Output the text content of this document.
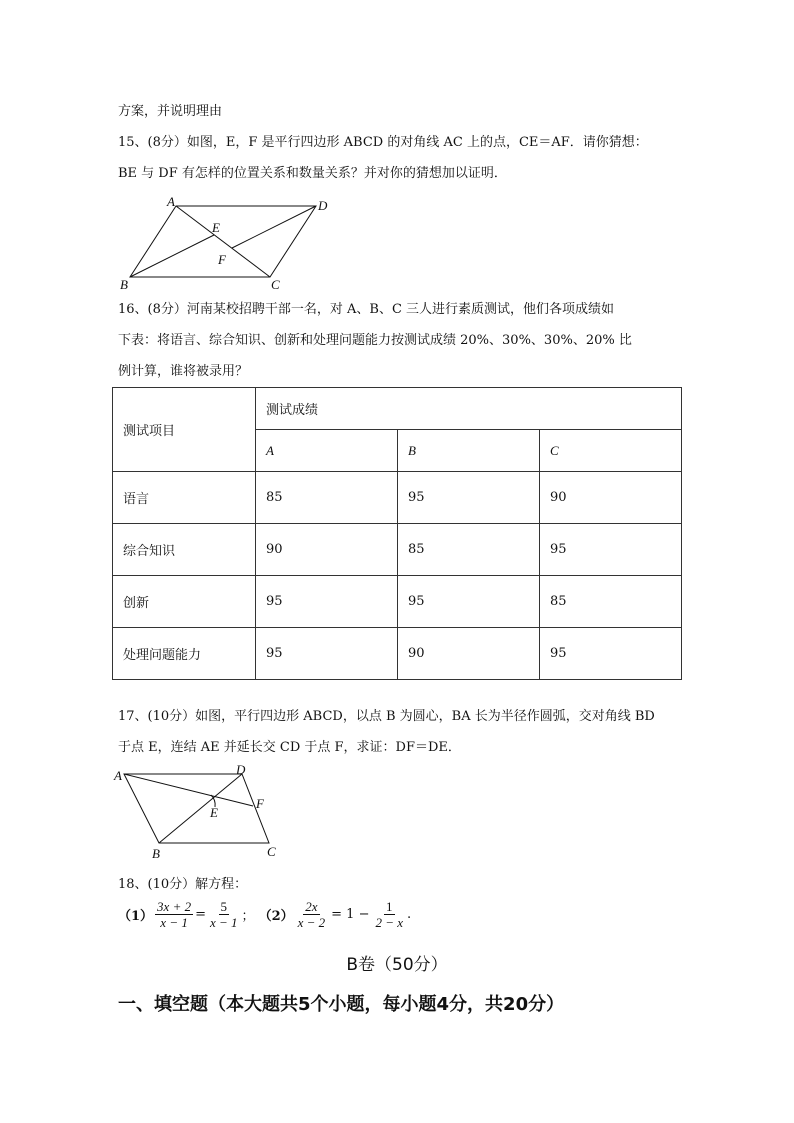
方案，并说明理由
15、(8分）如图，E，F 是平行四边形 ABCD 的对角线 AC 上的点，CE＝AF．请你猜想：
BE 与 DF 有怎样的位置关系和数量关系？并对你的猜想加以证明．
A	D
B	C
E
F
16、(8分）河南某校招聘干部一名，对 A、B、C 三人进行素质测试，他们各项成绩如
下表：将语言、综合知识、创新和处理问题能力按测试成绩 20%、30%、30%、20% 比
例计算，谁将被录用？
测试项目	测试成绩		
	A	B	C
语言	85	95	90
综合知识	90	85	95
创新	95	95	85
处理问题能力	95	90	95
17、(10分）如图，平行四边形 ABCD，以点 B 为圆心，BA 长为半径作圆弧，交对角线 BD
于点 E，连结 AE 并延长交 CD 于点 F，求证：DF＝DE．
A	D
F
E
B	C
18、(10分）解方程：
$(1) \frac{3x + 2}{x - 1} = \frac{5}{x - 1}$ ； $(2) \frac{2x}{x - 2} = 1 - \frac{1}{2 - x}$ .
B卷（50分）
一、填空题（本大题共5个小题，每小题4分，共20分）
